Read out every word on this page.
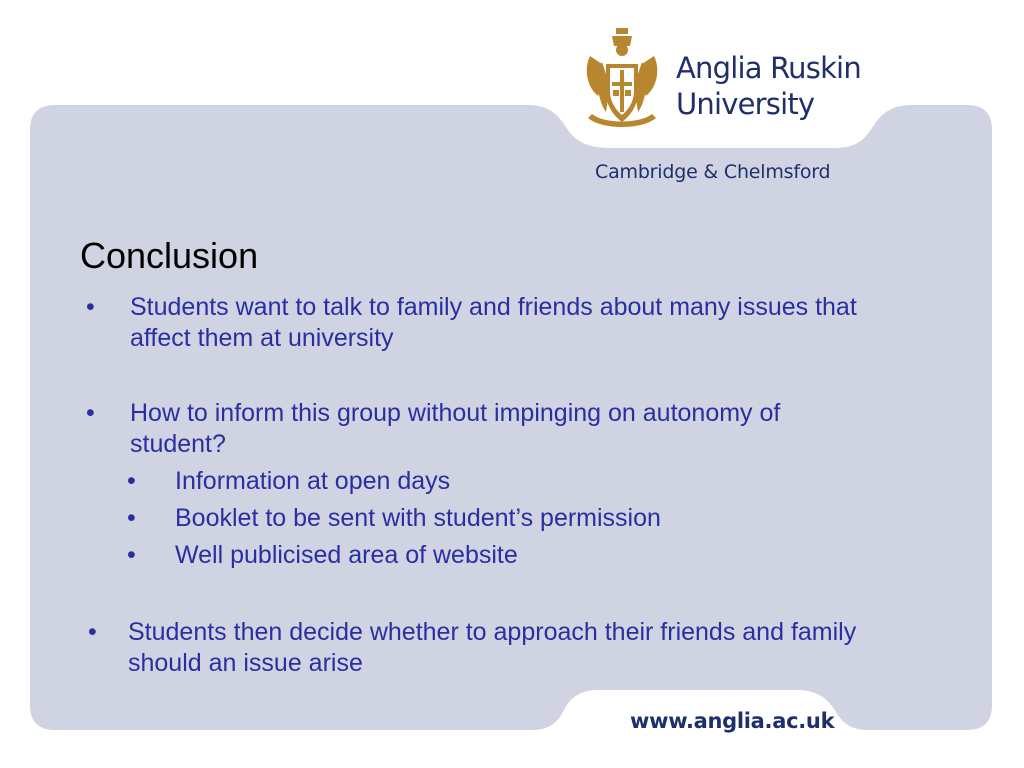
Anglia Ruskin
University
Cambridge & Chelmsford
Conclusion
• Students want to talk to family and friends about many issues that
affect them at university
• How to inform this group without impinging on autonomy of
student?
• Information at open days
• Booklet to be sent with student’s permission
• Well publicised area of website
• Students then decide whether to approach their friends and family
should an issue arise
www.anglia.ac.uk
